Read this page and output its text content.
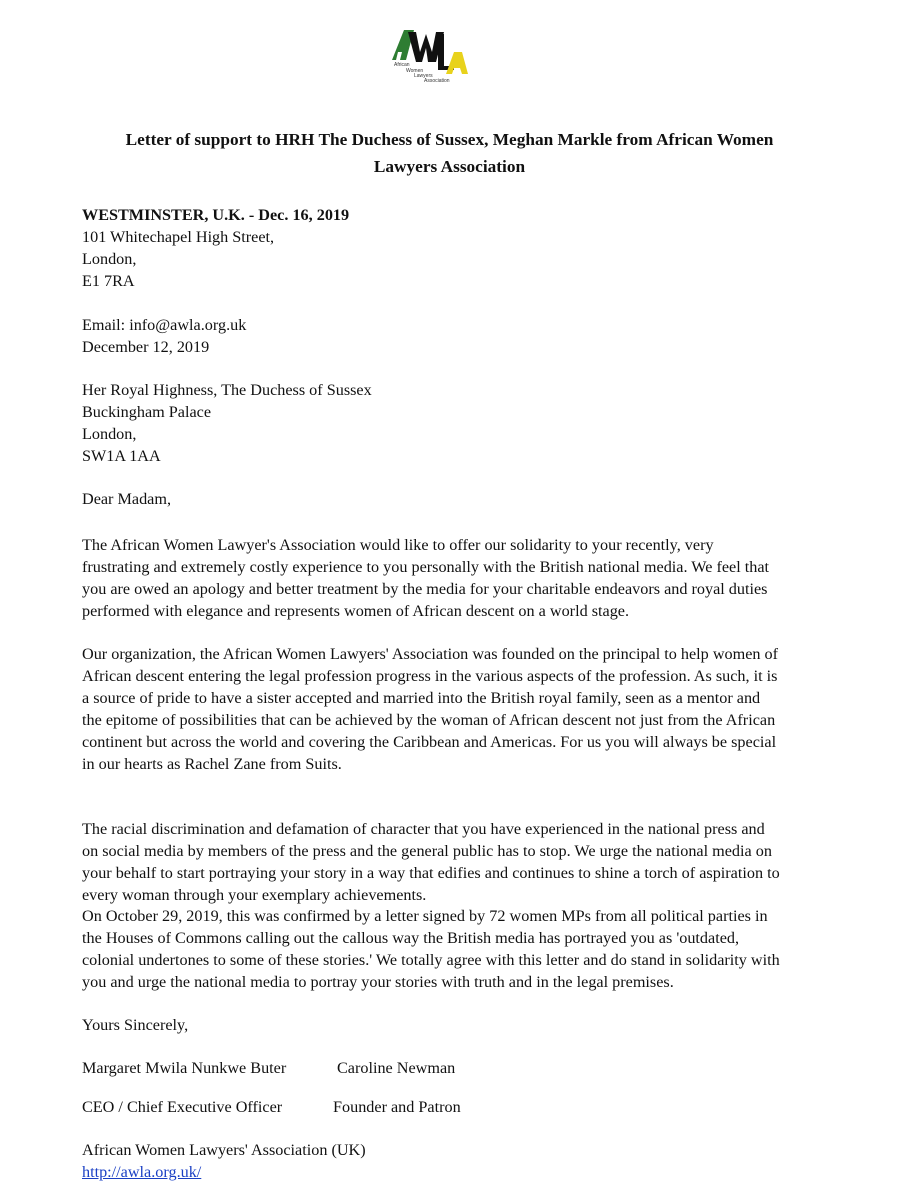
African
Women
Lawyers
Association
Letter of support to HRH The Duchess of Sussex, Meghan Markle from African Women
Lawyers Association
WESTMINSTER, U.K. - Dec. 16, 2019
101 Whitechapel High Street,
London,
E1 7RA
Email: info@awla.org.uk
December 12, 2019
Her Royal Highness, The Duchess of Sussex
Buckingham Palace
London,
SW1A 1AA
Dear Madam,
The African Women Lawyer's Association would like to offer our solidarity to your recently, very
frustrating and extremely costly experience to you personally with the British national media. We feel that
you are owed an apology and better treatment by the media for your charitable endeavors and royal duties
performed with elegance and represents women of African descent on a world stage.
Our organization, the African Women Lawyers' Association was founded on the principal to help women of
African descent entering the legal profession progress in the various aspects of the profession. As such, it is
a source of pride to have a sister accepted and married into the British royal family, seen as a mentor and
the epitome of possibilities that can be achieved by the woman of African descent not just from the African
continent but across the world and covering the Caribbean and Americas. For us you will always be special
in our hearts as Rachel Zane from Suits.
The racial discrimination and defamation of character that you have experienced in the national press and
on social media by members of the press and the general public has to stop. We urge the national media on
your behalf to start portraying your story in a way that edifies and continues to shine a torch of aspiration to
every woman through your exemplary achievements.
On October 29, 2019, this was confirmed by a letter signed by 72 women MPs from all political parties in
the Houses of Commons calling out the callous way the British media has portrayed you as 'outdated,
colonial undertones to some of these stories.' We totally agree with this letter and do stand in solidarity with
you and urge the national media to portray your stories with truth and in the legal premises.
Yours Sincerely,
Margaret Mwila Nunkwe Buter	Caroline Newman
CEO / Chief Executive Officer	Founder and Patron
African Women Lawyers' Association (UK)
http://awla.org.uk/
